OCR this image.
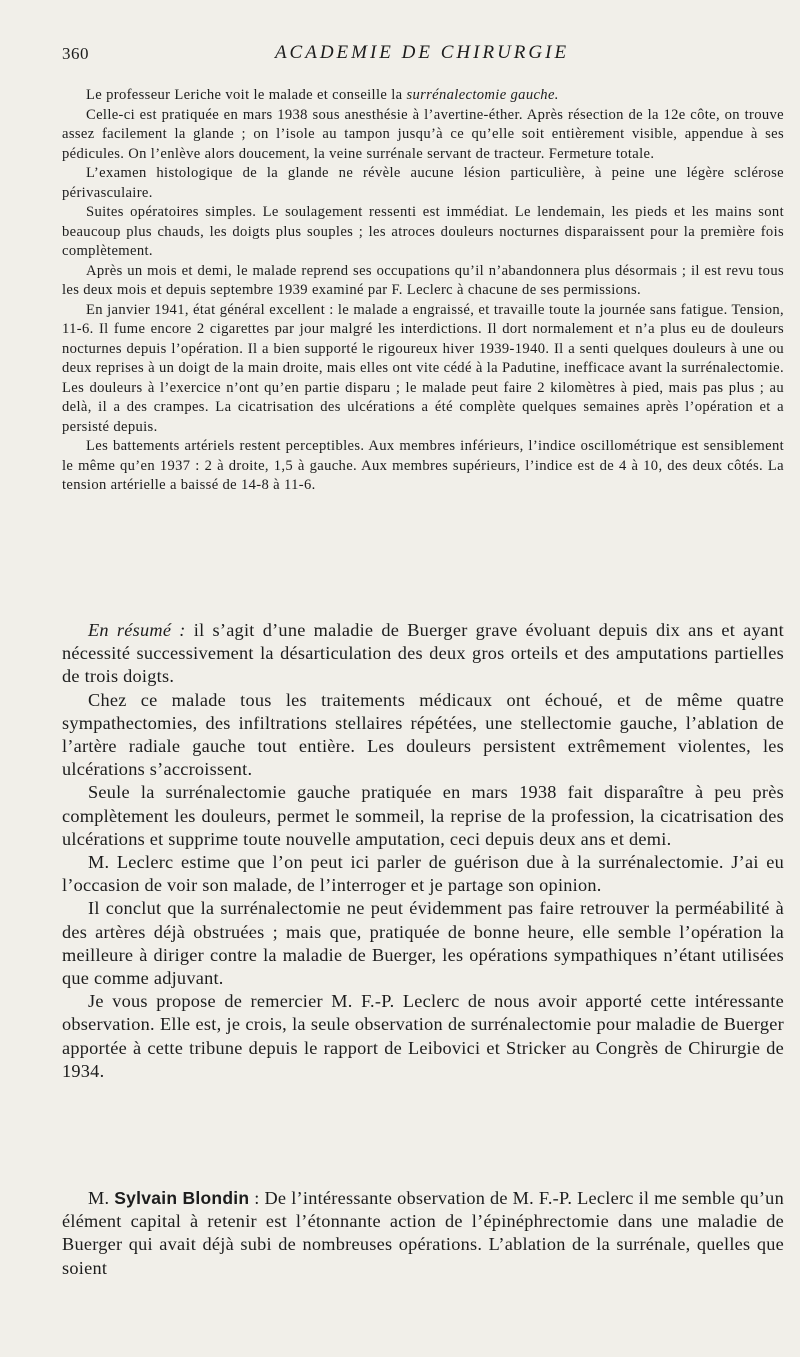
360	ACADEMIE DE CHIRURGIE

Le professeur Leriche voit le malade et conseille la surrénalectomie gauche.

Celle-ci est pratiquée en mars 1938 sous anesthésie à l’avertine-éther. Après résection de la 12e côte, on trouve assez facilement la glande ; on l’isole au tampon jusqu’à ce qu’elle soit entièrement visible, appendue à ses pédicules. On l’enlève alors doucement, la veine surrénale servant de tracteur. Fermeture totale.

L’examen histologique de la glande ne révèle aucune lésion particulière, à peine une légère sclérose périvasculaire.

Suites opératoires simples. Le soulagement ressenti est immédiat. Le lendemain, les pieds et les mains sont beaucoup plus chauds, les doigts plus souples ; les atroces douleurs nocturnes disparaissent pour la première fois complètement.

Après un mois et demi, le malade reprend ses occupations qu’il n’abandonnera plus désormais ; il est revu tous les deux mois et depuis septembre 1939 examiné par F. Leclerc à chacune de ses permissions.

En janvier 1941, état général excellent : le malade a engraissé, et travaille toute la journée sans fatigue. Tension, 11-6. Il fume encore 2 cigarettes par jour malgré les interdictions. Il dort normalement et n’a plus eu de douleurs nocturnes depuis l’opération. Il a bien supporté le rigoureux hiver 1939-1940. Il a senti quelques douleurs à une ou deux reprises à un doigt de la main droite, mais elles ont vite cédé à la Padutine, inefficace avant la surrénalectomie. Les douleurs à l’exercice n’ont qu’en partie disparu ; le malade peut faire 2 kilomètres à pied, mais pas plus ; au delà, il a des crampes. La cicatrisation des ulcérations a été complète quelques semaines après l’opération et a persisté depuis.

Les battements artériels restent perceptibles. Aux membres inférieurs, l’indice oscillométrique est sensiblement le même qu’en 1937 : 2 à droite, 1,5 à gauche. Aux membres supérieurs, l’indice est de 4 à 10, des deux côtés. La tension artérielle a baissé de 14-8 à 11-6.

En résumé : il s’agit d’une maladie de Buerger grave évoluant depuis dix ans et ayant nécessité successivement la désarticulation des deux gros orteils et des amputations partielles de trois doigts.

Chez ce malade tous les traitements médicaux ont échoué, et de même quatre sympathectomies, des infiltrations stellaires répétées, une stellectomie gauche, l’ablation de l’artère radiale gauche tout entière. Les douleurs persistent extrêmement violentes, les ulcérations s’accroissent.

Seule la surrénalectomie gauche pratiquée en mars 1938 fait disparaître à peu près complètement les douleurs, permet le sommeil, la reprise de la profession, la cicatrisation des ulcérations et supprime toute nouvelle amputation, ceci depuis deux ans et demi.

M. Leclerc estime que l’on peut ici parler de guérison due à la surrénalectomie. J’ai eu l’occasion de voir son malade, de l’interroger et je partage son opinion.

Il conclut que la surrénalectomie ne peut évidemment pas faire retrouver la perméabilité à des artères déjà obstruées ; mais que, pratiquée de bonne heure, elle semble l’opération la meilleure à diriger contre la maladie de Buerger, les opérations sympathiques n’étant utilisées que comme adjuvant.

Je vous propose de remercier M. F.-P. Leclerc de nous avoir apporté cette intéressante observation. Elle est, je crois, la seule observation de surrénalectomie pour maladie de Buerger apportée à cette tribune depuis le rapport de Leibovici et Stricker au Congrès de Chirurgie de 1934.

M. Sylvain Blondin : De l’intéressante observation de M. F.-P. Leclerc il me semble qu’un élément capital à retenir est l’étonnante action de l’épinéphrectomie dans une maladie de Buerger qui avait déjà subi de nombreuses opérations. L’ablation de la surrénale, quelles que soient
